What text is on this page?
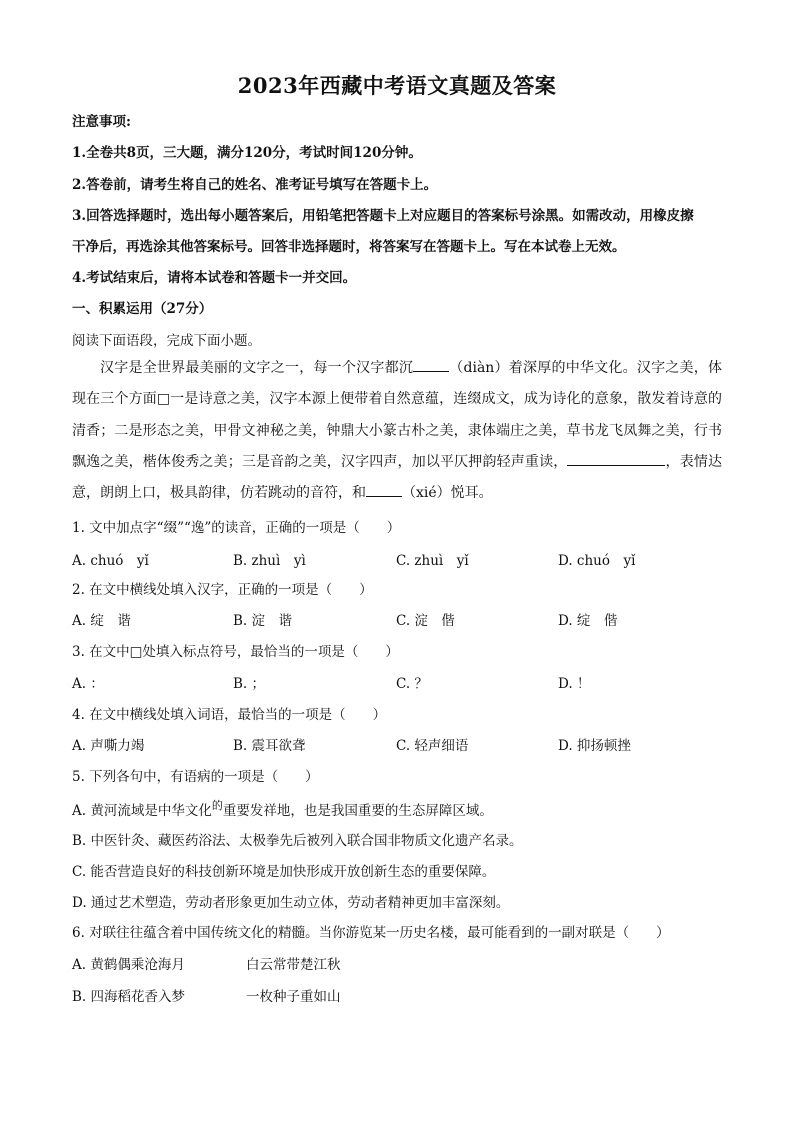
2023年西藏中考语文真题及答案
注意事项:
1.全卷共8页，三大题，满分120分，考试时间120分钟。
2.答卷前，请考生将自己的姓名、准考证号填写在答题卡上。
3.回答选择题时，选出每小题答案后，用铅笔把答题卡上对应题目的答案标号涂黑。如需改动，用橡皮擦
干净后，再选涂其他答案标号。回答非选择题时，将答案写在答题卡上。写在本试卷上无效。
4.考试结束后，请将本试卷和答题卡一并交回。
一、积累运用（27分）
阅读下面语段，完成下面小题。
汉字是全世界最美丽的文字之一，每一个汉字都沉	（diàn）着深厚的中华文化。汉字之美，体现在三个方面□一是诗意之美，汉字本源上便带着自然意蕴，连缀成文，成为诗化的意象，散发着诗意的清香；二是形态之美，甲骨文神秘之美，钟鼎大小篆古朴之美，隶体端庄之美，草书龙飞凤舞之美，行书飘逸之美，楷体俊秀之美；三是音韵之美，汉字四声，加以平仄押韵轻声重读，	，表情达意，朗朗上口，极具韵律，仿若跳动的音符，和	（xié）悦耳。
1. 文中加点字“缀”“逸”的读音，正确的一项是（　　）
A. chuó　yǐ	B. zhuì　yì	C. zhuì　yǐ	D. chuó　yǐ
2. 在文中横线处填入汉字，正确的一项是（　　）
A. 绽　谐	B. 淀　谐	C. 淀　偕	D. 绽　偕
3. 在文中□处填入标点符号，最恰当的一项是（　　）
A. ：	B. ；	C. ？	D. ！
4. 在文中横线处填入词语，最恰当的一项是（　　）
A. 声嘶力竭	B. 震耳欲聋	C. 轻声细语	D. 抑扬顿挫
5. 下列各句中，有语病的一项是（　　）
A. 黄河流域是中华文化$^的$重要发祥地，也是我国重要的生态屏障区域。
B. 中医针灸、藏医药浴法、太极拳先后被列入联合国非物质文化遗产名录。
C. 能否营造良好的科技创新环境是加快形成开放创新生态的重要保障。
D. 通过艺术塑造，劳动者形象更加生动立体，劳动者精神更加丰富深刻。
6. 对联往往蕴含着中国传统文化的精髓。当你游览某一历史名楼，最可能看到的一副对联是（　　）
A. 黄鹤偶乘沧海月	白云常带楚江秋
B. 四海稻花香入梦	一枚种子重如山
